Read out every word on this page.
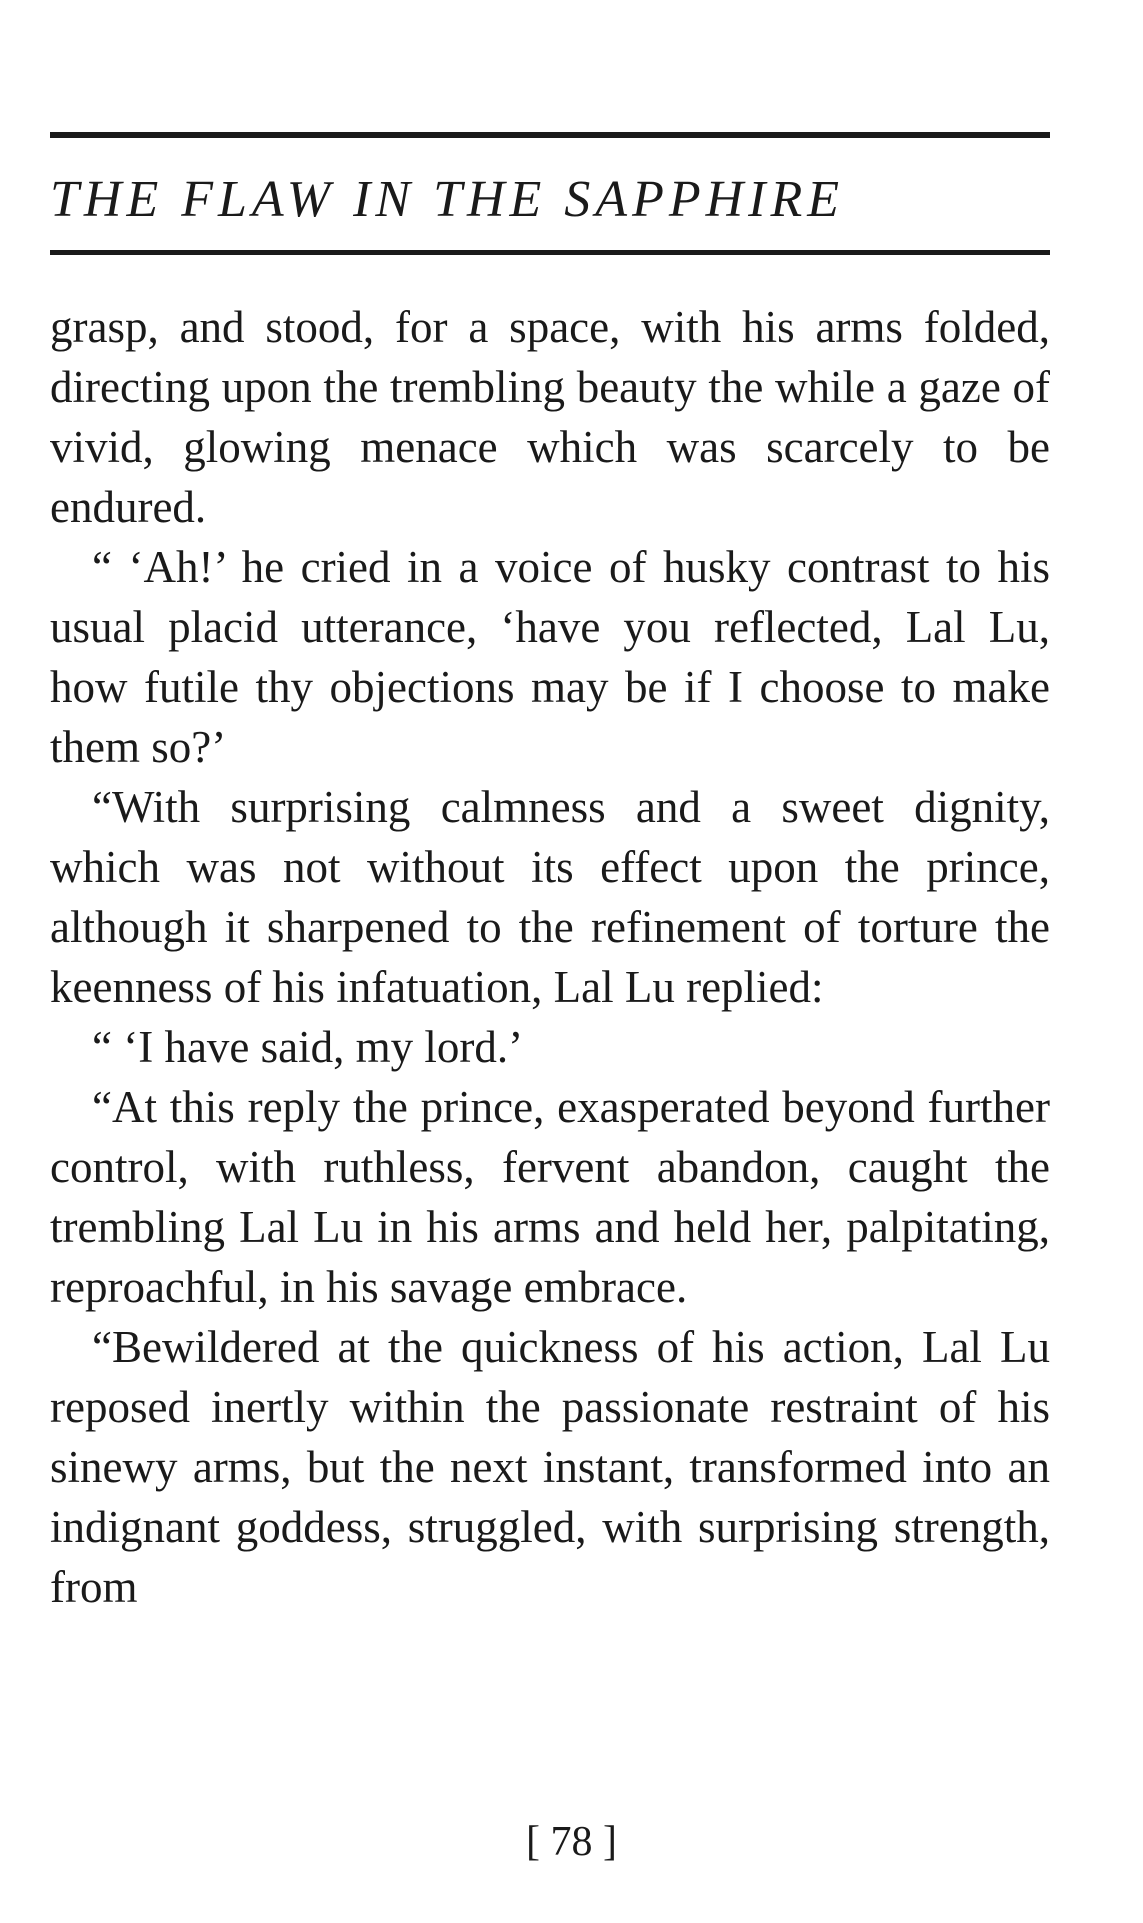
THE FLAW IN THE SAPPHIRE

grasp, and stood, for a space, with his arms folded, directing upon the trembling beauty the while a gaze of vivid, glowing menace which was scarcely to be endured.

“ ‘Ah!’ he cried in a voice of husky contrast to his usual placid utterance, ‘have you reflected, Lal Lu, how futile thy objections may be if I choose to make them so?’

“With surprising calmness and a sweet dignity, which was not without its effect upon the prince, although it sharpened to the refinement of torture the keenness of his infatuation, Lal Lu replied:

“ ‘I have said, my lord.’

“At this reply the prince, exasperated beyond further control, with ruthless, fervent abandon, caught the trembling Lal Lu in his arms and held her, palpitating, reproachful, in his savage embrace.

“Bewildered at the quickness of his action, Lal Lu reposed inertly within the passionate restraint of his sinewy arms, but the next instant, transformed into an indignant goddess, struggled, with surprising strength, from

[ 78 ]
